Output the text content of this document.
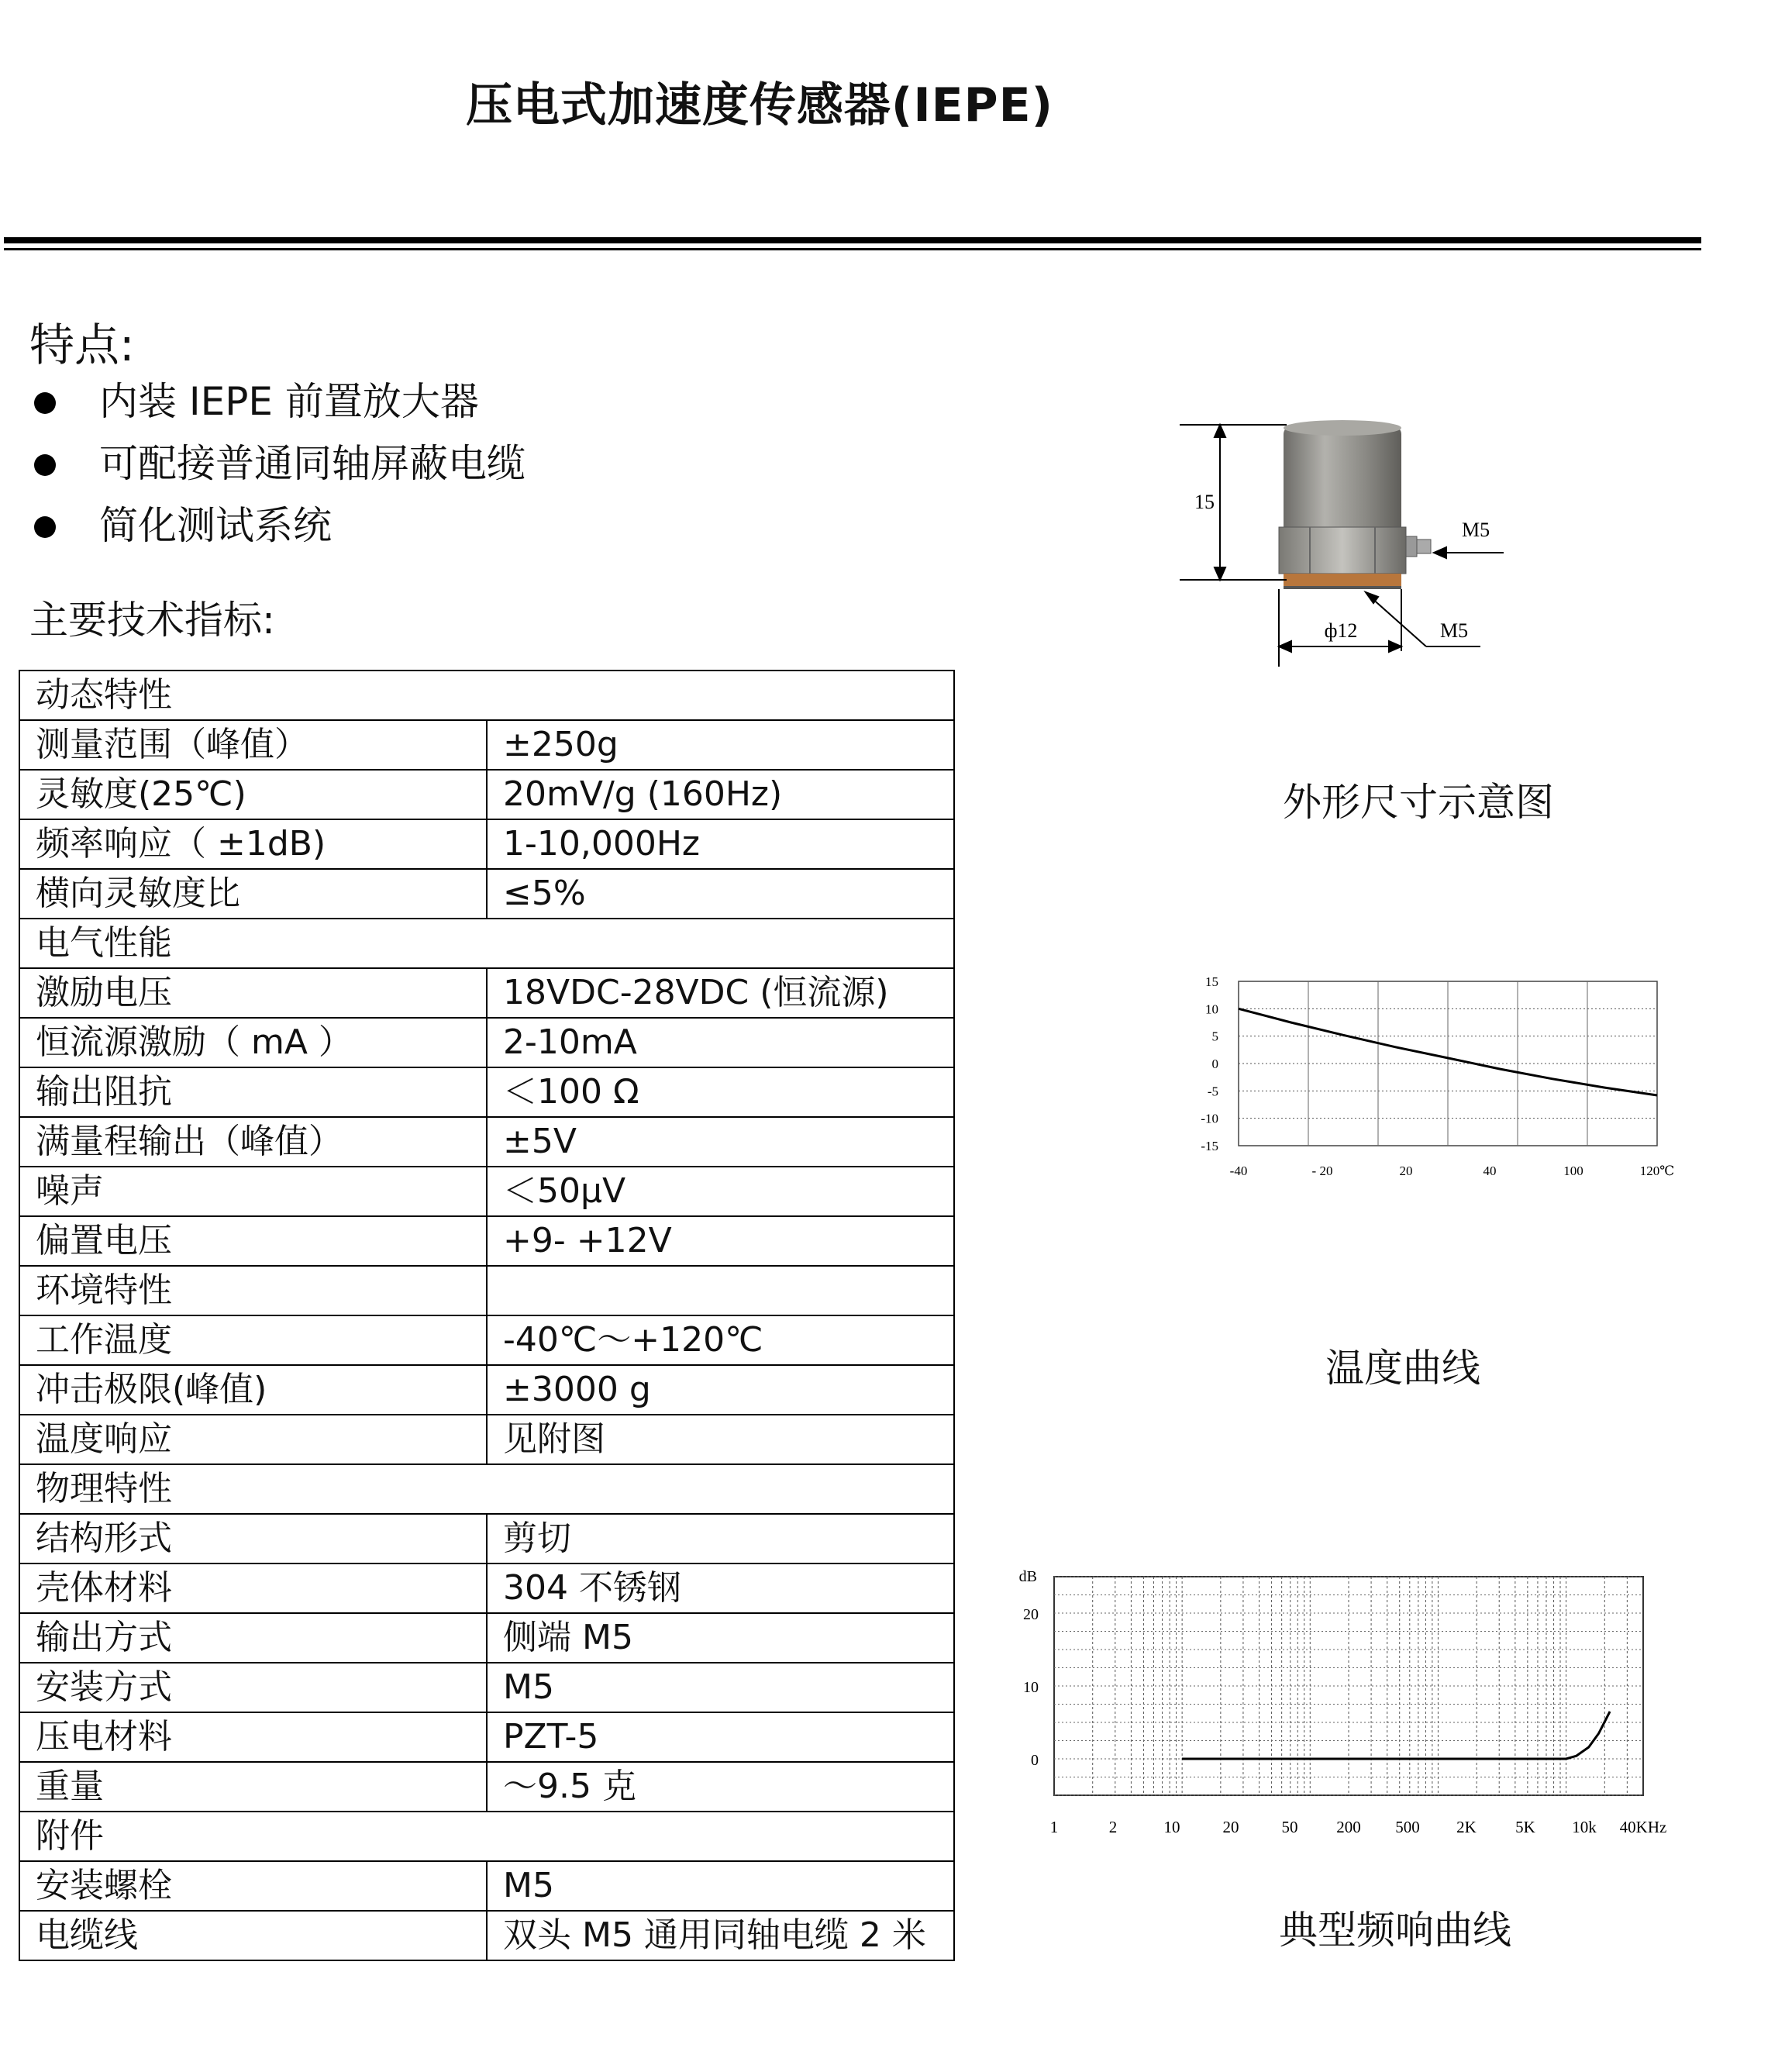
压电式加速度传感器(IEPE)
特点:
内装 IEPE 前置放大器
可配接普通同轴屏蔽电缆
简化测试系统
主要技术指标:
动态特性	
测量范围（峰值）	±250g
灵敏度(25℃)	20mV/g (160Hz)
频率响应（ ±1dB)	1-10,000Hz
横向灵敏度比	≤5%
电气性能	
激励电压	18VDC-28VDC (恒流源)
恒流源激励（ mA ）	2-10mA
输出阻抗	＜100 Ω
满量程输出（峰值）	±5V
噪声	＜50μV
偏置电压	+9- +12V
环境特性	
工作温度	-40℃～+120℃
冲击极限(峰值)	±3000 g
温度响应	见附图
物理特性	
结构形式	剪切
壳体材料	304 不锈钢
输出方式	侧端 M5
安装方式	M5
压电材料	PZT-5
重量	～9.5 克
附件	
安装螺栓	M5
电缆线	双头 M5 通用同轴电缆 2 米
15
ф12
M5
M5
外形尺寸示意图
15
10
5
0
-5
-10
-15
-40	- 20	20	40	100	120℃
温度曲线
dB
0
10
20
1	2	10	20	50 200 500 2K 5K 10k 40KHz
典型频响曲线
